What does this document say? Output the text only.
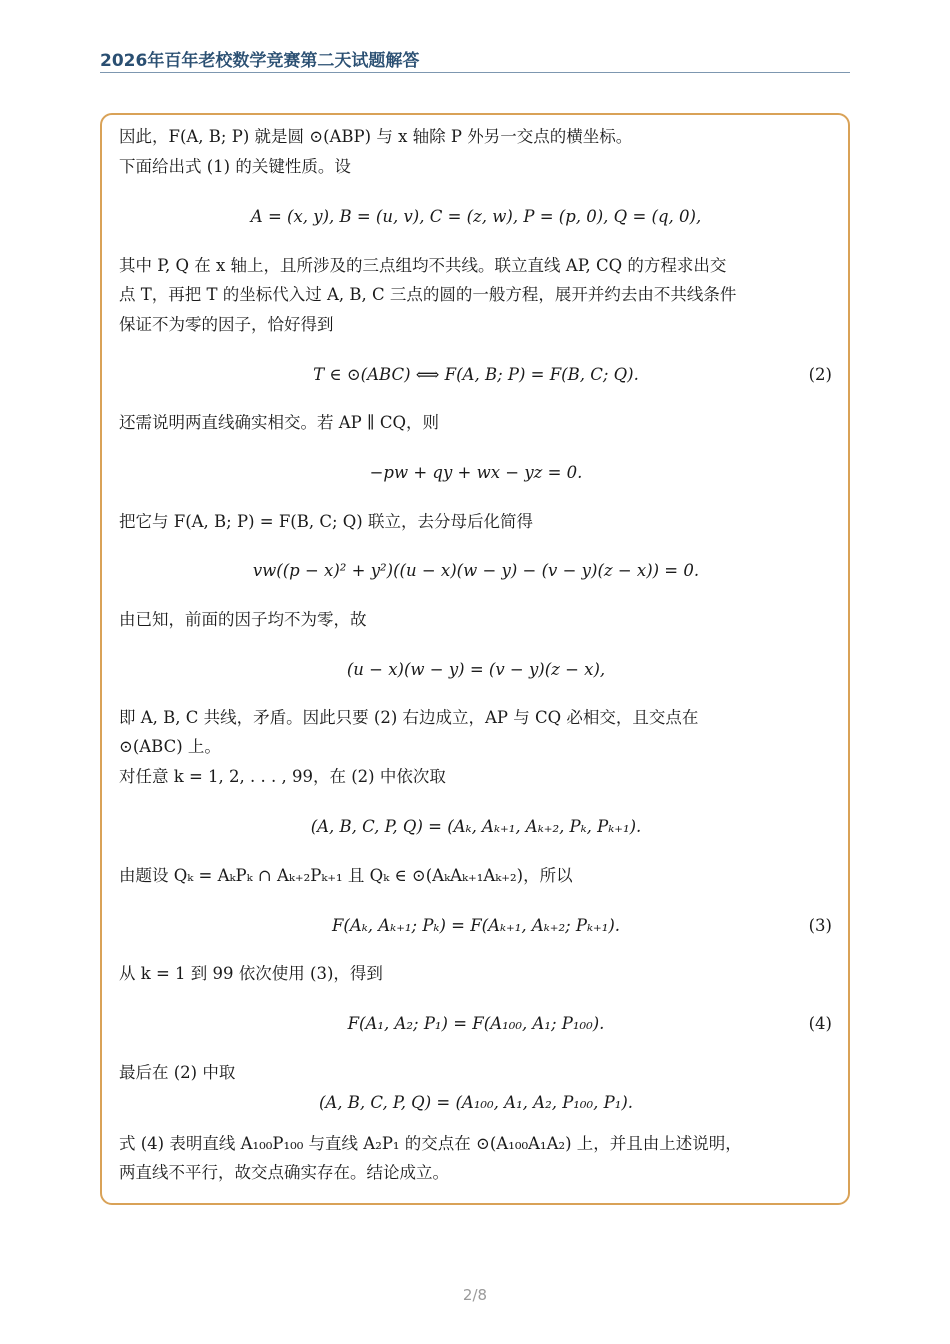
2026年百年老校数学竞赛第二天试题解答
因此，F(A, B; P) 就是圆 ⊙(ABP) 与 x 轴除 P 外另一交点的横坐标。
下面给出式 (1) 的关键性质。设
A = (x, y), B = (u, v), C = (z, w), P = (p, 0), Q = (q, 0),
其中 P, Q 在 x 轴上，且所涉及的三点组均不共线。联立直线 AP, CQ 的方程求出交
点 T，再把 T 的坐标代入过 A, B, C 三点的圆的一般方程，展开并约去由不共线条件
保证不为零的因子，恰好得到
T ∈ ⊙(ABC) ⟺ F(A, B; P) = F(B, C; Q).	(2)
还需说明两直线确实相交。若 AP ∥ CQ，则
−pw + qy + wx − yz = 0.
把它与 F(A, B; P) = F(B, C; Q) 联立，去分母后化简得
vw((p − x)² + y²)((u − x)(w − y) − (v − y)(z − x)) = 0.
由已知，前面的因子均不为零，故
(u − x)(w − y) = (v − y)(z − x),
即 A, B, C 共线，矛盾。因此只要 (2) 右边成立，AP 与 CQ 必相交，且交点在
⊙(ABC) 上。
对任意 k = 1, 2, . . . , 99，在 (2) 中依次取
(A, B, C, P, Q) = (Aₖ, Aₖ₊₁, Aₖ₊₂, Pₖ, Pₖ₊₁).
由题设 Qₖ = AₖPₖ ∩ Aₖ₊₂Pₖ₊₁ 且 Qₖ ∈ ⊙(AₖAₖ₊₁Aₖ₊₂)，所以
F(Aₖ, Aₖ₊₁; Pₖ) = F(Aₖ₊₁, Aₖ₊₂; Pₖ₊₁).	(3)
从 k = 1 到 99 依次使用 (3)，得到
F(A₁, A₂; P₁) = F(A₁₀₀, A₁; P₁₀₀).	(4)
最后在 (2) 中取
(A, B, C, P, Q) = (A₁₀₀, A₁, A₂, P₁₀₀, P₁).
式 (4) 表明直线 A₁₀₀P₁₀₀ 与直线 A₂P₁ 的交点在 ⊙(A₁₀₀A₁A₂) 上，并且由上述说明，
两直线不平行，故交点确实存在。结论成立。
2/8
